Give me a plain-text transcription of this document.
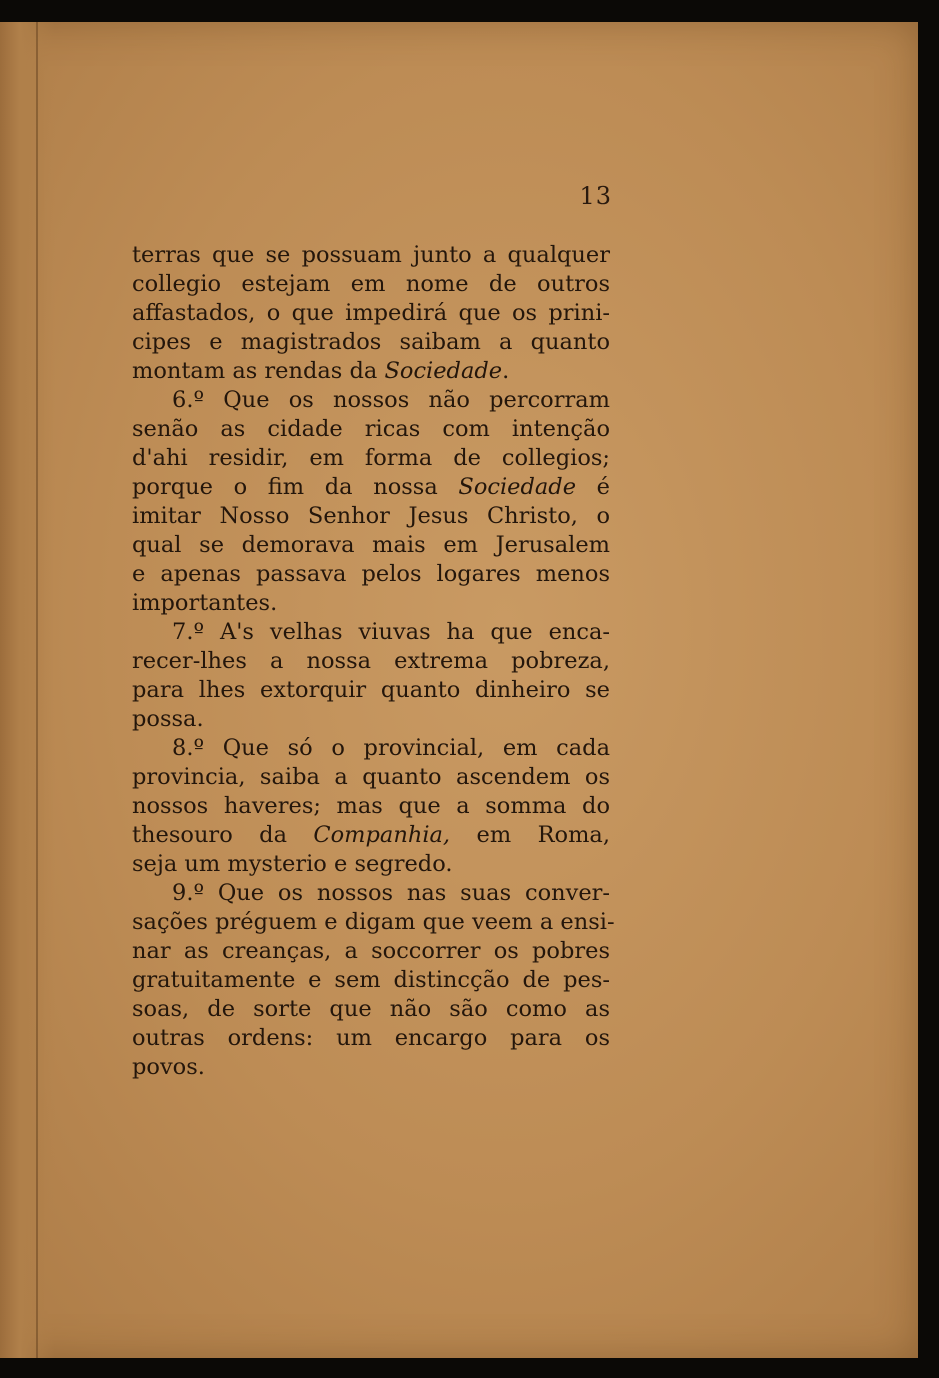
13
terras que se possuam junto a qualquer
collegio estejam em nome de outros
affastados, o que impedirá que os prini-
cipes e magistrados saibam a quanto
montam as rendas da Sociedade.
6.º Que os nossos não percorram
senão as cidade ricas com intenção
d'ahi residir, em forma de collegios;
porque o fim da nossa Sociedade é
imitar Nosso Senhor Jesus Christo, o
qual se demorava mais em Jerusalem
e apenas passava pelos logares menos
importantes.
7.º A's velhas viuvas ha que enca-
recer-lhes a nossa extrema pobreza,
para lhes extorquir quanto dinheiro se
possa.
8.º Que só o provincial, em cada
provincia, saiba a quanto ascendem os
nossos haveres; mas que a somma do
thesouro da Companhia, em Roma,
seja um mysterio e segredo.
9.º Que os nossos nas suas conver-
sações préguem e digam que veem a ensi-
nar as creanças, a soccorrer os pobres
gratuitamente e sem distincção de pes-
soas, de sorte que não são como as
outras ordens: um encargo para os
povos.
